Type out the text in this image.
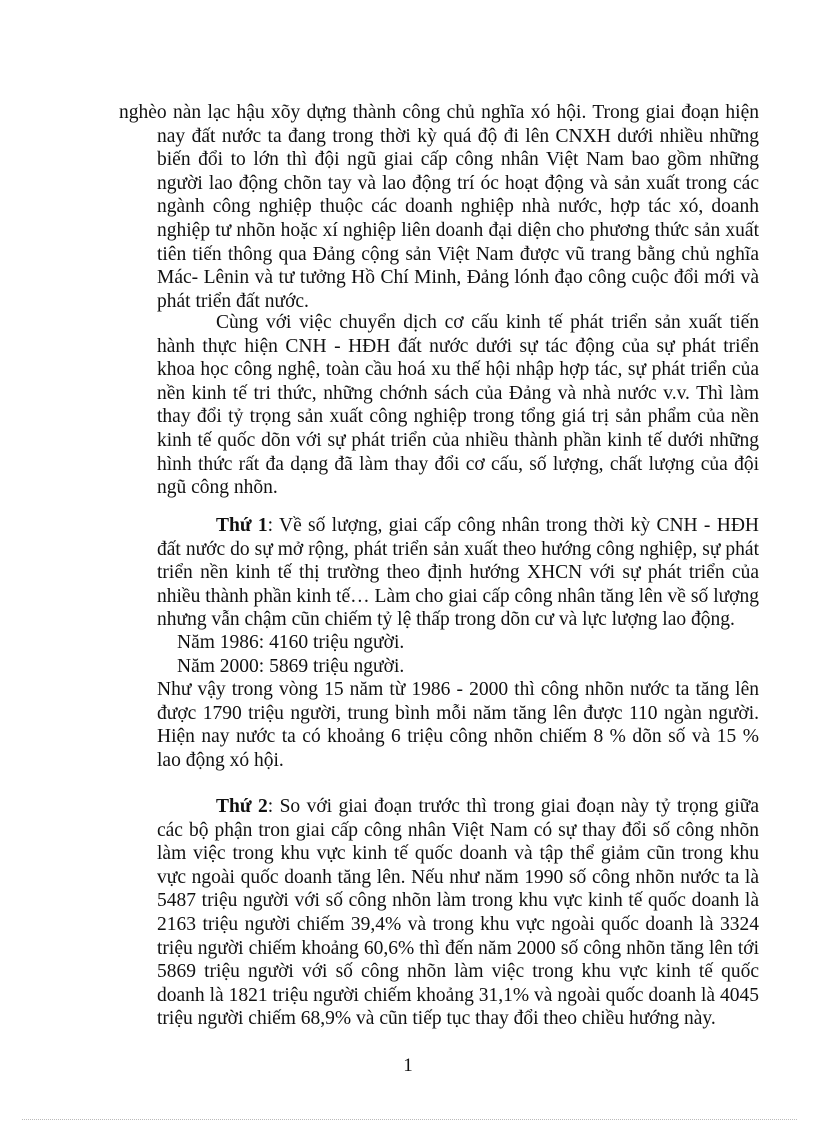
nghèo nàn lạc hậu xõy dựng thành công chủ nghĩa xó hội. Trong giai đoạn hiện nay đất nước ta đang trong thời kỳ quá độ đi lên CNXH dưới nhiều những biến đổi to lớn thì đội ngũ giai cấp công nhân Việt Nam bao gồm những người lao động chõn tay và lao động trí óc hoạt động và sản xuất trong các ngành công nghiệp thuộc các doanh nghiệp nhà nước, hợp tác xó, doanh nghiệp tư nhõn hoặc xí nghiệp liên doanh đại diện cho phương thức sản xuất tiên tiến thông qua Đảng cộng sản Việt Nam được vũ trang bằng chủ nghĩa Mác- Lênin và tư tưởng Hồ Chí Minh, Đảng lónh đạo công cuộc đổi mới và phát triển đất nước.

Cùng với việc chuyển dịch cơ cấu kinh tế phát triển sản xuất tiến hành thực hiện CNH - HĐH đất nước dưới sự tác động của sự phát triển khoa học công nghệ, toàn cầu hoá xu thế hội nhập hợp tác, sự phát triển của nền kinh tế tri thức, những chớnh sách của Đảng và nhà nước v.v. Thì làm thay đổi tỷ trọng sản xuất công nghiệp trong tổng giá trị sản phẩm của nền kinh tế quốc dõn với sự phát triển của nhiều thành phần kinh tế dưới những hình thức rất đa dạng đã làm thay đổi cơ cấu, số lượng, chất lượng của đội ngũ công nhõn.

Thứ 1: Về số lượng, giai cấp công nhân trong thời kỳ CNH - HĐH đất nước do sự mở rộng, phát triển sản xuất theo hướng công nghiệp, sự phát triển nền kinh tế thị trường theo định hướng XHCN với sự phát triển của nhiều thành phần kinh tế… Làm cho giai cấp công nhân tăng lên về số lượng nhưng vẫn chậm cũn chiếm tỷ lệ thấp trong dõn cư và lực lượng lao động.

Năm 1986: 4160 triệu người.

Năm 2000: 5869 triệu người.

Như vậy trong vòng 15 năm từ 1986 - 2000 thì công nhõn nước ta tăng lên được 1790 triệu người, trung bình mỗi năm tăng lên được 110 ngàn người. Hiện nay nước ta có khoảng 6 triệu công nhõn chiếm 8 % dõn số và 15 % lao động xó hội.

Thứ 2: So với giai đoạn trước thì trong giai đoạn này tỷ trọng giữa các bộ phận tron giai cấp công nhân Việt Nam có sự thay đổi số công nhõn làm việc trong khu vực kinh tế quốc doanh và tập thể giảm cũn trong khu vực ngoài quốc doanh tăng lên. Nếu như năm 1990 số công nhõn nước ta là 5487 triệu người với số công nhõn làm trong khu vực kinh tế quốc doanh là 2163 triệu người chiếm 39,4% và trong khu vực ngoài quốc doanh là 3324 triệu người chiếm khoảng 60,6% thì đến năm 2000 số công nhõn tăng lên tới 5869 triệu người với số công nhõn làm việc trong khu vực kinh tế quốc doanh là 1821 triệu người chiếm khoảng 31,1% và ngoài quốc doanh là 4045 triệu người chiếm 68,9% và cũn tiếp tục thay đổi theo chiều hướng này.

1
